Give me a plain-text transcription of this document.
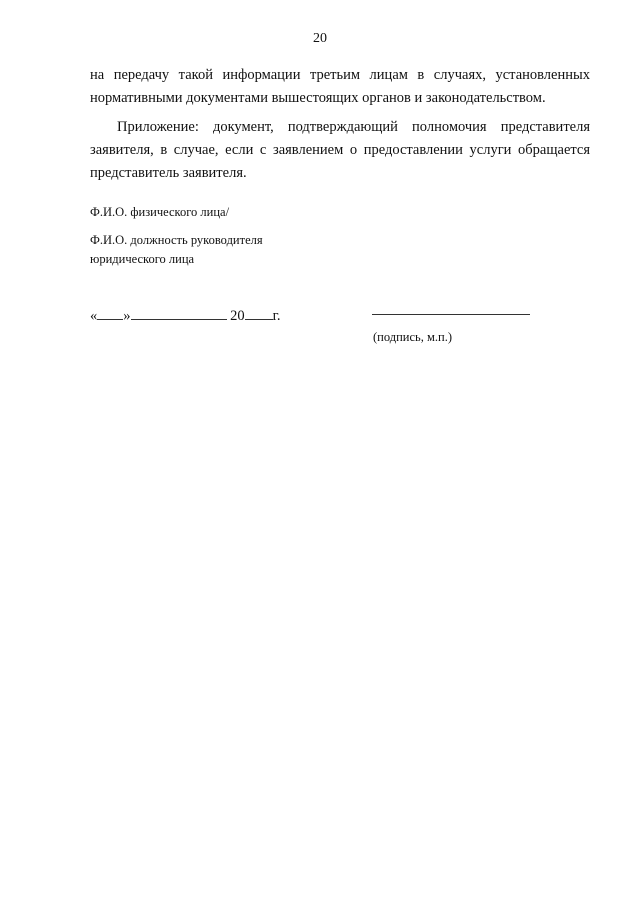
20

на передачу такой информации третьим лицам в случаях, установленных
нормативными документами вышестоящих органов и законодательством.

Приложение: документ, подтверждающий полномочия представителя
заявителя, в случае, если с заявлением о предоставлении услуги обращается
представитель заявителя.

Ф.И.О. физического лица/

Ф.И.О. должность руководителя
юридического лица

« »	20 г.
(подпись, м.п.)
